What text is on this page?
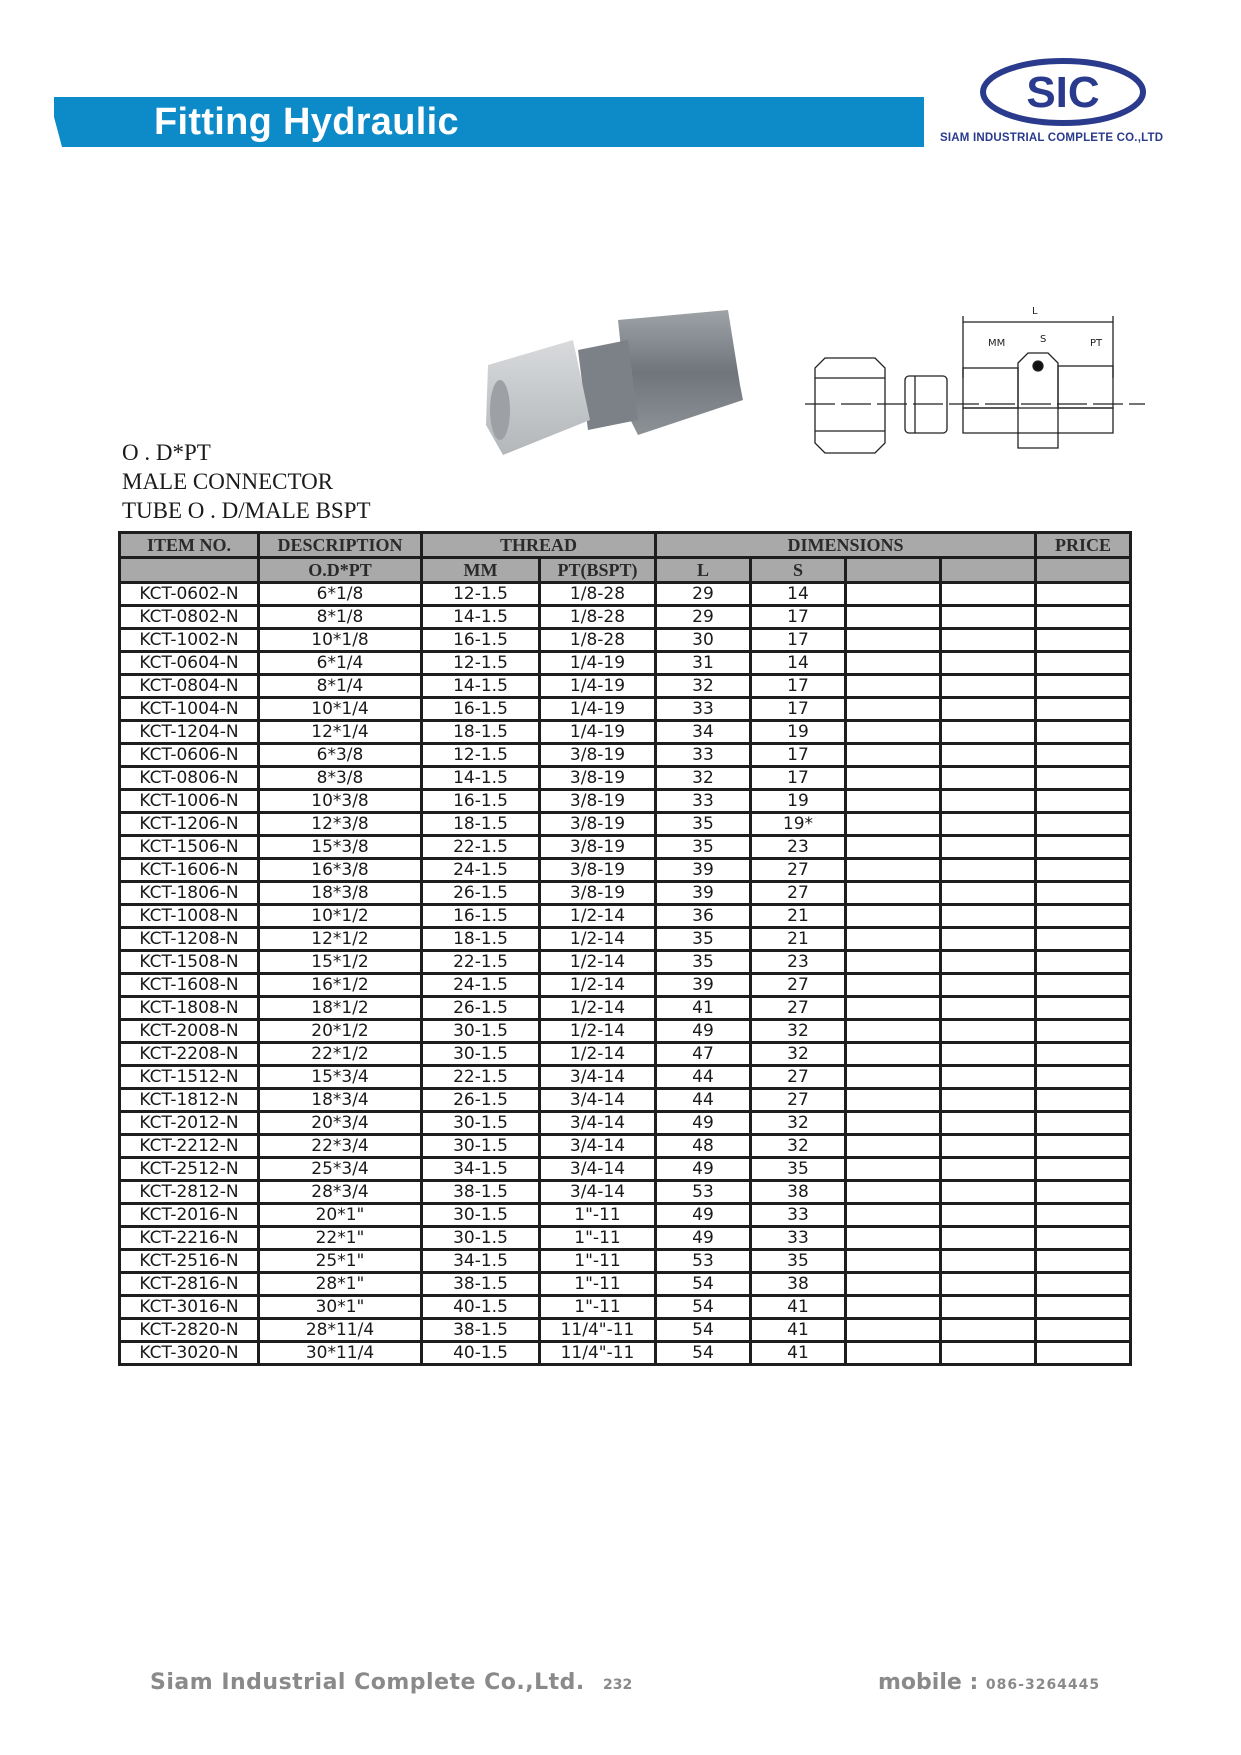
Fitting Hydraulic
SIC
SIAM INDUSTRIAL COMPLETE CO.,LTD
L
MM	S	PT
O . D*PT
MALE CONNECTOR
TUBE O . D/MALE BSPT
ITEM NO.	DESCRIPTION	THREAD		DIMENSIONS				PRICE
	O.D*PT	MM	PT(BSPT)	L	S			
KCT-0602-N	6*1/8	12-1.5	1/8-28	29	14			
KCT-0802-N	8*1/8	14-1.5	1/8-28	29	17			
KCT-1002-N	10*1/8	16-1.5	1/8-28	30	17			
KCT-0604-N	6*1/4	12-1.5	1/4-19	31	14			
KCT-0804-N	8*1/4	14-1.5	1/4-19	32	17			
KCT-1004-N	10*1/4	16-1.5	1/4-19	33	17			
KCT-1204-N	12*1/4	18-1.5	1/4-19	34	19			
KCT-0606-N	6*3/8	12-1.5	3/8-19	33	17			
KCT-0806-N	8*3/8	14-1.5	3/8-19	32	17			
KCT-1006-N	10*3/8	16-1.5	3/8-19	33	19			
KCT-1206-N	12*3/8	18-1.5	3/8-19	35	19*			
KCT-1506-N	15*3/8	22-1.5	3/8-19	35	23			
KCT-1606-N	16*3/8	24-1.5	3/8-19	39	27			
KCT-1806-N	18*3/8	26-1.5	3/8-19	39	27			
KCT-1008-N	10*1/2	16-1.5	1/2-14	36	21			
KCT-1208-N	12*1/2	18-1.5	1/2-14	35	21			
KCT-1508-N	15*1/2	22-1.5	1/2-14	35	23			
KCT-1608-N	16*1/2	24-1.5	1/2-14	39	27			
KCT-1808-N	18*1/2	26-1.5	1/2-14	41	27			
KCT-2008-N	20*1/2	30-1.5	1/2-14	49	32			
KCT-2208-N	22*1/2	30-1.5	1/2-14	47	32			
KCT-1512-N	15*3/4	22-1.5	3/4-14	44	27			
KCT-1812-N	18*3/4	26-1.5	3/4-14	44	27			
KCT-2012-N	20*3/4	30-1.5	3/4-14	49	32			
KCT-2212-N	22*3/4	30-1.5	3/4-14	48	32			
KCT-2512-N	25*3/4	34-1.5	3/4-14	49	35			
KCT-2812-N	28*3/4	38-1.5	3/4-14	53	38			
KCT-2016-N	20*1"	30-1.5	1"-11	49	33			
KCT-2216-N	22*1"	30-1.5	1"-11	49	33			
KCT-2516-N	25*1"	34-1.5	1"-11	53	35			
KCT-2816-N	28*1"	38-1.5	1"-11	54	38			
KCT-3016-N	30*1"	40-1.5	1"-11	54	41			
KCT-2820-N	28*11/4	38-1.5	11/4"-11	54	41			
KCT-3020-N	30*11/4	40-1.5	11/4"-11	54	41			
Siam Industrial Complete Co.,Ltd. 232	mobile : 086-3264445
